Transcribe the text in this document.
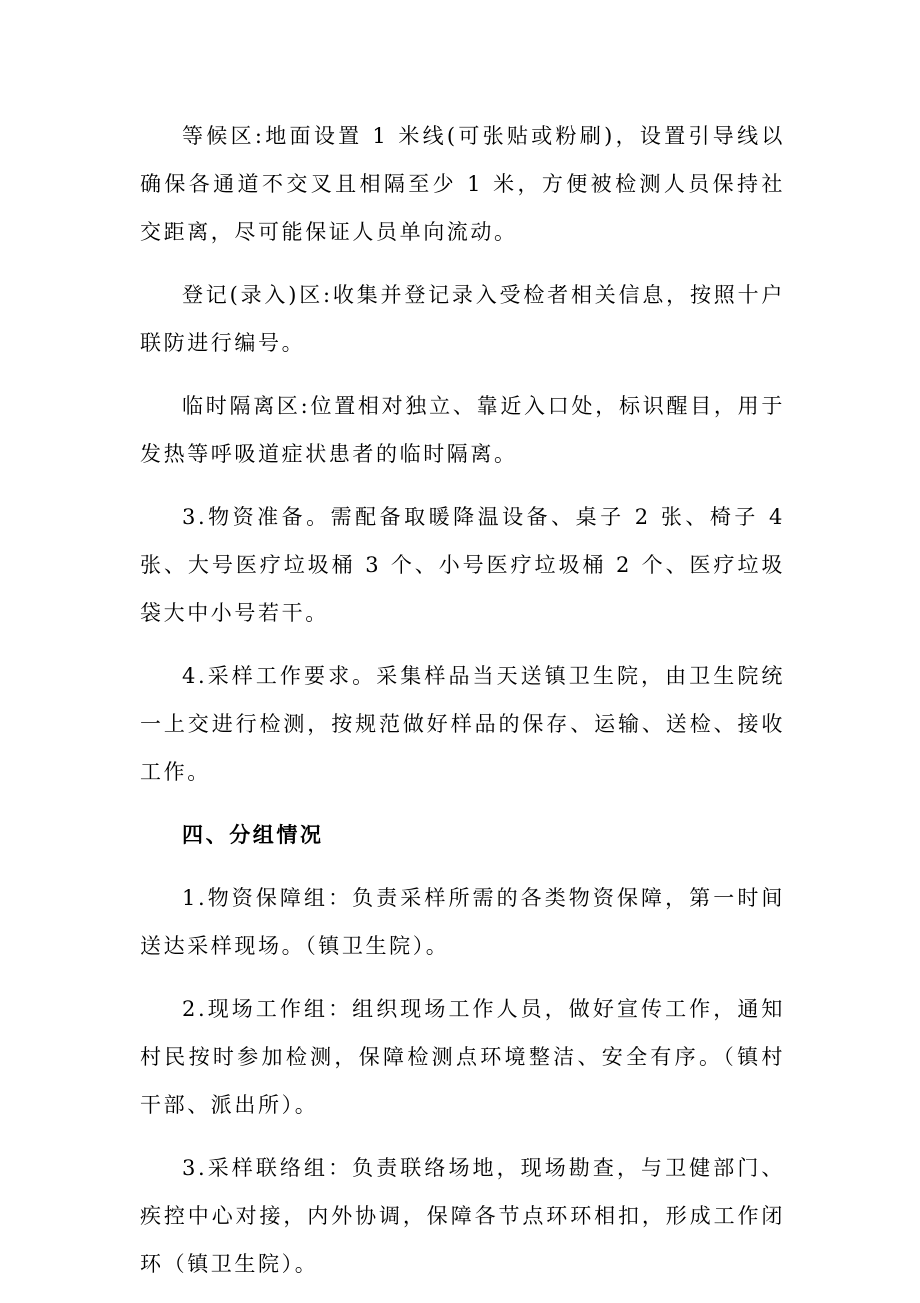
等候区:地面设置 1 米线(可张贴或粉刷)，设置引导线以确保各通道不交叉且相隔至少 1 米，方便被检测人员保持社交距离，尽可能保证人员单向流动。

登记(录入)区:收集并登记录入受检者相关信息，按照十户联防进行编号。

临时隔离区:位置相对独立、靠近入口处，标识醒目，用于发热等呼吸道症状患者的临时隔离。

3.物资准备。需配备取暖降温设备、桌子 2 张、椅子 4 张、大号医疗垃圾桶 3 个、小号医疗垃圾桶 2 个、医疗垃圾袋大中小号若干。

4.采样工作要求。采集样品当天送镇卫生院，由卫生院统一上交进行检测，按规范做好样品的保存、运输、送检、接收工作。

四、分组情况

1.物资保障组：负责采样所需的各类物资保障，第一时间送达采样现场。（镇卫生院）。

2.现场工作组：组织现场工作人员，做好宣传工作，通知村民按时参加检测，保障检测点环境整洁、安全有序。（镇村干部、派出所）。

3.采样联络组：负责联络场地，现场勘查，与卫健部门、疾控中心对接，内外协调，保障各节点环环相扣，形成工作闭环（镇卫生院）。
